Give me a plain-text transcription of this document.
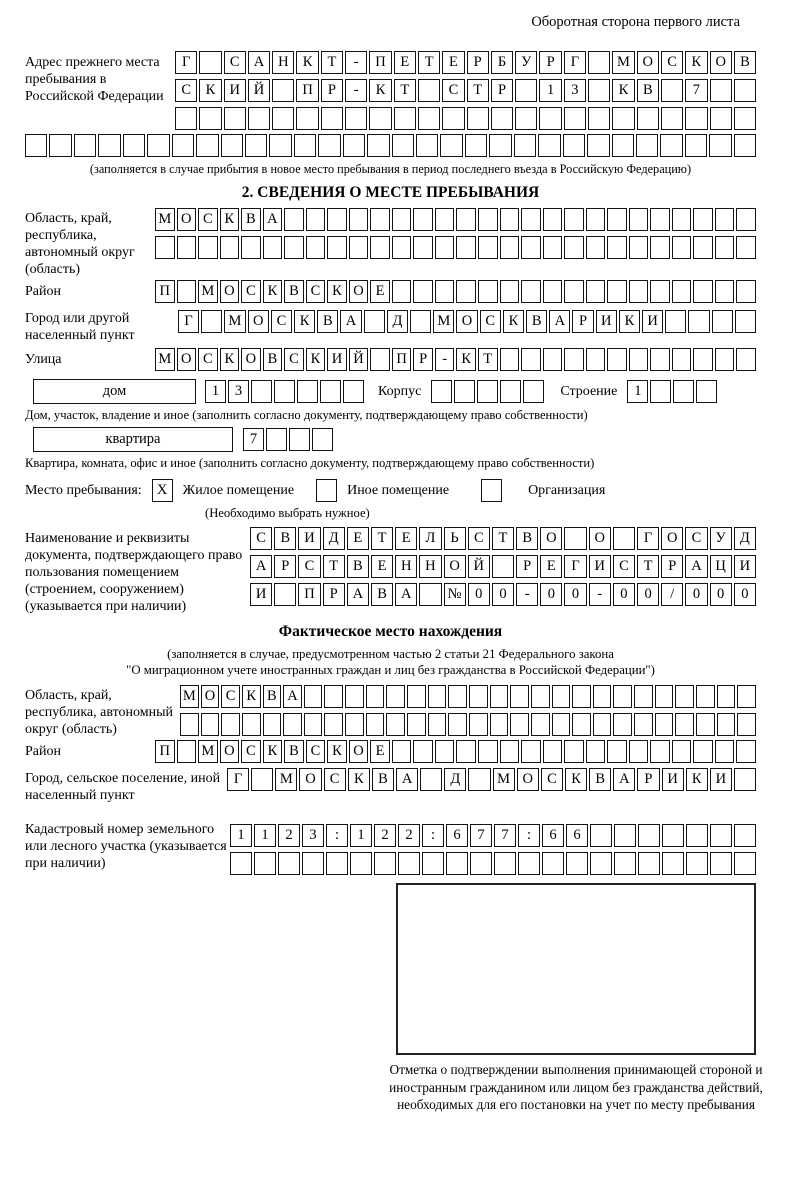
Оборотная сторона первого листа
Адрес прежнего места пребывания в Российской Федерации
Г	С А Н К	Т	-	П	Е	Т	Е	Р	Б	У	Р	Г	М О С	К О В
С	К И Й	П	Р	-	К	Т	С	Т	Р	1	3	К	В	7
(заполняется в случае прибытия в новое место пребывания в период последнего въезда в Российскую Федерацию)
2. СВЕДЕНИЯ О МЕСТЕ ПРЕБЫВАНИЯ
Область, край, республика, автономный округ (область)
М О С К В А
Район	П	М О С К В С К О Е
Город или другой населенный пункт
Г	М О С К В А	Д	М О С К В А Р И К И
Улица	М О С К О В С К И Й	П Р	- К Т
дом	1	3	Корпус	Строение	1
Дом, участок, владение и иное (заполнить согласно документу, подтверждающему право собственности)
квартира	7
Квартира, комната, офис и иное (заполнить согласно документу, подтверждающему право собственности)
Место пребывания:	X	Жилое помещение	Иное помещение	Организация
(Необходимо выбрать нужное)
Наименование и реквизиты документа, подтверждающего право пользования помещением (строением, сооружением) (указывается при наличии)
С	В И Д	Е	Т	Е	Л	Ь	С	Т	В О	О	Г	О С У Д
А	Р	С	Т	В	Е	Н Н О Й	Р	Е	Г	И С	Т	Р	А Ц И
И	П	Р	А В А	№ 0	0	-	0	0	-	0	0	/	0	0	0
Фактическое место нахождения
(заполняется в случае, предусмотренном частью 2 статьи 21 Федерального закона
"О миграционном учете иностранных граждан и лиц без гражданства в Российской Федерации")
Область, край, республика, автономный округ (область)
М О С К В А
Район	П	М О С К В С К О Е
Город, сельское поселение, иной населенный пункт
Г	М О С К В А	Д	М О С К В А	Р	И К И
Кадастровый номер земельного или лесного участка (указывается при наличии)
1	1	2	3	:	1	2	2	:	6	7	7	:	6	6
Отметка о подтверждении выполнения принимающей стороной и иностранным гражданином или лицом без гражданства действий, необходимых для его постановки на учет по месту пребывания
